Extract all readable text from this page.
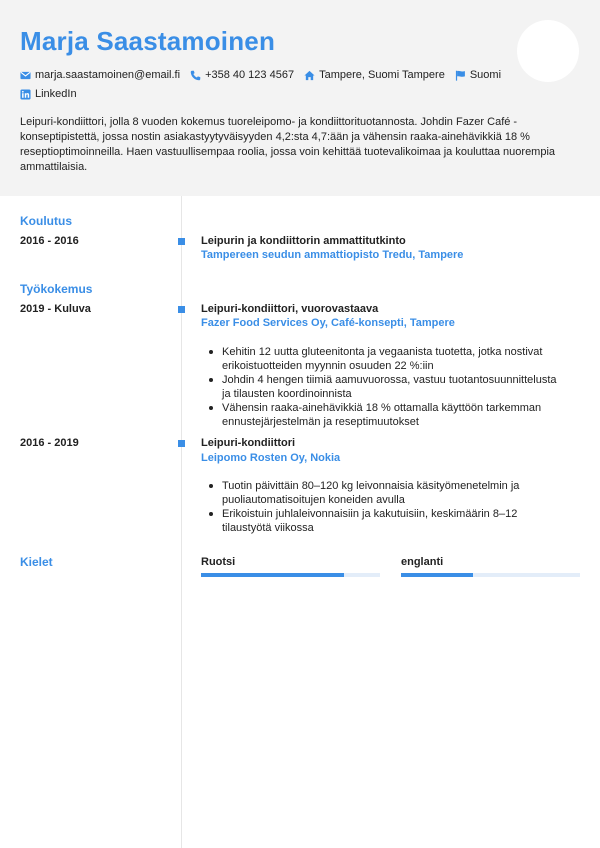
Marja Saastamoinen
marja.saastamoinen@email.fi +358 40 123 4567 Tampere, Suomi Tampere Suomi
LinkedIn
Leipuri-kondiittori, jolla 8 vuoden kokemus tuoreleipomo- ja kondiittorituotannosta. Johdin Fazer Café -konseptipistettä, jossa nostin asiakastyytyväisyyden 4,2:sta 4,7:ään ja vähensin raaka-ainehävikkiä 18 % reseptioptimoinneilla. Haen vastuullisempaa roolia, jossa voin kehittää tuotevalikoimaa ja kouluttaa nuorempia ammattilaisia.
Koulutus
2016 - 2016	Leipurin ja kondiittorin ammattitutkinto
Tampereen seudun ammattiopisto Tredu, Tampere
Työkokemus
2019 - Kuluva	Leipuri-kondiittori, vuorovastaava
Fazer Food Services Oy, Café-konsepti, Tampere
Kehitin 12 uutta gluteenitonta ja vegaanista tuotetta, jotka nostivat erikoistuotteiden myynnin osuuden 22 %:iin
Johdin 4 hengen tiimiä aamuvuorossa, vastuu tuotantosuunnittelusta ja tilausten koordinoinnista
Vähensin raaka-ainehävikkiä 18 % ottamalla käyttöön tarkemman ennustejärjestelmän ja reseptimuutokset
2016 - 2019	Leipuri-kondiittori
Leipomo Rosten Oy, Nokia
Tuotin päivittäin 80–120 kg leivonnaisia käsityömenetelmin ja puoliautomatisoitujen koneiden avulla
Erikoistuin juhlaleivonnaisiin ja kakutuisiin, keskimäärin 8–12 tilaustyötä viikossa
Kielet	Ruotsi	englanti
